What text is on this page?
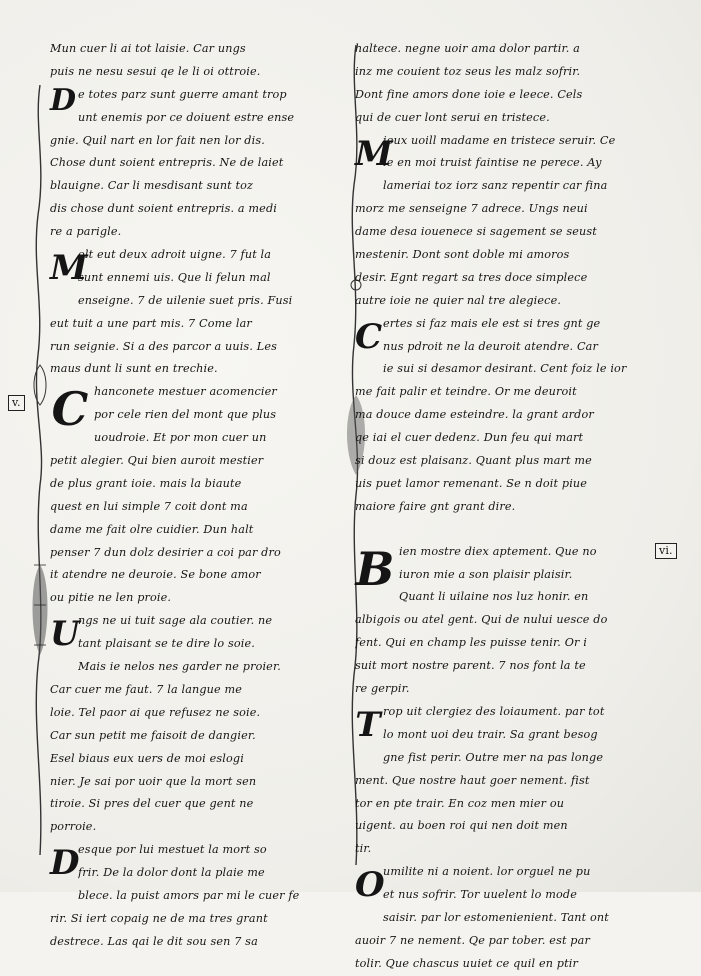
Mun cuer li ai tot laisie. Car ungs
puis ne nesu sesui qe le li oi ottroie.
D e totes parz sunt guerre amant trop
unt enemis por ce doiuent estre ense
gnie. Quil nart en lor fait nen lor dis.
Chose dunt soient entrepris. Ne de laiet
blauigne. Car li mesdisant sunt toz
dis chose dunt soient entrepris. a medi
re a parigle.
M
olt eut deux adroit uigne. 7 fut la
sunt ennemi uis. Que li felun mal
enseigne. 7 de uilenie suet pris. Fusi
eut tuit a une part mis. 7 Come lar
run seignie. Si a des parcor a uuis. Les
maus dunt li sunt en trechie.
v. C hanconete mestuer acomencier
por cele rien del mont que plus
uoudroie. Et por mon cuer un
petit alegier. Qui bien auroit mestier
de plus grant ioie. mais la biaute
quest en lui simple 7 coit dont ma
dame me fait olre cuidier. Dun halt
penser 7 dun dolz desirier a coi par dro
it atendre ne deuroie. Se bone amor
ou pitie ne len proie.
U
ngs ne ui tuit sage ala coutier. ne
tant plaisant se te dire lo soie.
Mais ie nelos nes garder ne proier.
Car cuer me faut. 7 la langue me
loie. Tel paor ai que refusez ne soie.
Car sun petit me faisoit de dangier.
Esel biaus eux uers de moi eslogi
nier. Je sai por uoir que la mort sen
tiroie. Si pres del cuer que gent ne
porroie.
D
esque por lui mestuet la mort so
frir. De la dolor dont la plaie me
blece. la puist amors par mi le cuer fe
rir. Si iert copaig ne de ma tres grant
destrece. Las qai le dit sou sen 7 sa
haltece. negne uoir ama dolor partir. a
inz me couient toz seus les malz sofrir.
Dont fine amors done ioie e leece. Cels
qui de cuer lont serui en tristece.
M
ieux uoill madame en tristece seruir. Ce
le en moi truist faintise ne perece. Ay
lameriai toz iorz sanz repentir car fina
morz me senseigne 7 adrece. Ungs neui
dame desa iouenece si sagement se seust
mestenir. Dont sont doble mi amoros
desir. Egnt regart sa tres doce simplece
autre ioie ne quier nal tre alegiece.
C ertes si faz mais ele est si tres gnt ge
nus pdroit ne la deuroit atendre. Car
ie sui si desamor desirant. Cent foiz le ior
me fait palir et teindre. Or me deuroit
ma douce dame esteindre. la grant ardor
qe iai el cuer dedenz. Dun feu qui mart
si douz est plaisanz. Quant plus mart me
uis puet lamor remenant. Se n doit piue
maiore faire gnt grant dire.
vi.
B ien mostre diex aptement. Que no
iuron mie a son plaisir plaisir.
Quant li uilaine nos luz honir. en
albigois ou atel gent. Qui de nului uesce do
fent. Qui en champ les puisse tenir. Or i
suit mort nostre parent. 7 nos font la te
re gerpir.
T rop uit clergiez des loiaument. par tot
lo mont uoi deu trair. Sa grant besog
gne fist perir. Outre mer na pas longe
ment. Que nostre haut goer nement. fist
tor en pte trair. En coz men mier ou
uigent. au boen roi qui nen doit men
tir.
O
umilite ni a noient. lor orguel ne pu
et nus sofrir. Tor uuelent lo mode
saisir. par lor estomenienient. Tant ont
auoir 7 ne nement. Qe par tober. est par
tolir. Que chascus uuiet ce quil en ptir
